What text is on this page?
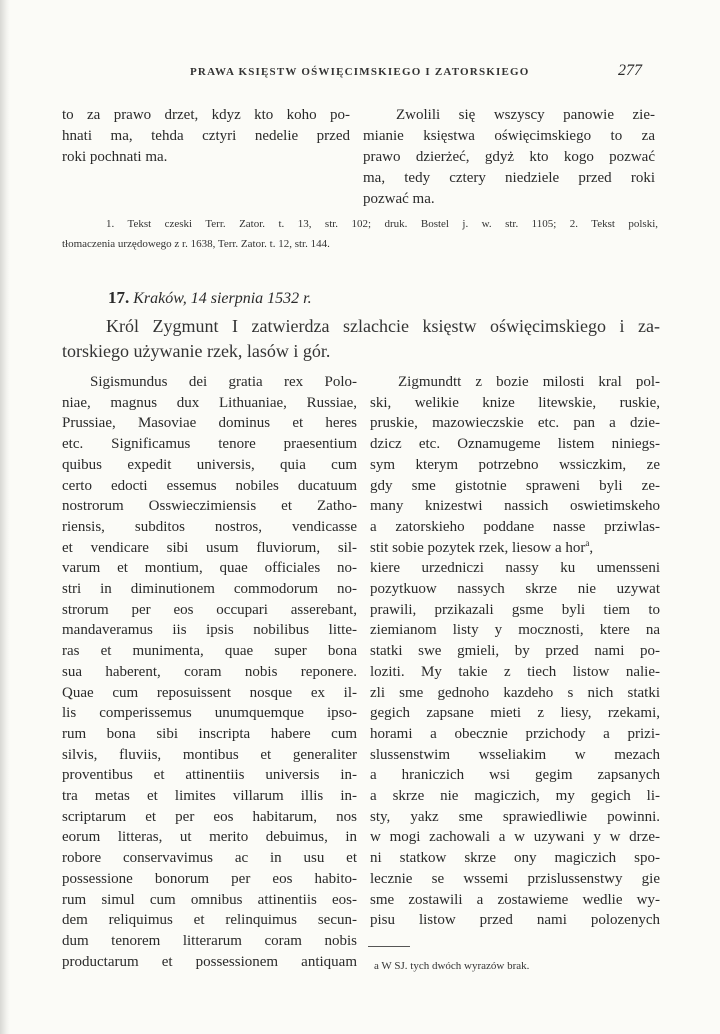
PRAWA KSIĘSTW OŚWIĘCIMSKIEGO I ZATORSKIEGO	277
to za prawo drzet, kdyz kto koho po-
hnati ma, tehda cztyri nedelie przed
roki pochnati ma.
Zwolili się wszyscy panowie zie-
mianie księstwa oświęcimskiego to za
prawo dzierżeć, gdyż kto kogo pozwać
ma, tedy cztery niedziele przed roki
pozwać ma.
1. Tekst czeski Terr. Zator. t. 13, str. 102; druk. Bostel j. w. str. 1105; 2. Tekst polski,
tłomaczenia urzędowego z r. 1638, Terr. Zator. t. 12, str. 144.
17. Kraków, 14 sierpnia 1532 r.
Król Zygmunt I zatwierdza szlachcie księstw oświęcimskiego i za-
torskiego używanie rzek, lasów i gór.
Sigismundus dei gratia rex Polo-
niae, magnus dux Lithuaniae, Russiae,
Prussiae, Masoviae dominus et heres
etc. Significamus tenore praesentium
quibus expedit universis, quia cum
certo edocti essemus nobiles ducatuum
nostrorum Osswieczimiensis et Zatho-
riensis, subditos nostros, vendicasse
et vendicare sibi usum fluviorum, sil-
varum et montium, quae officiales no-
stri in diminutionem commodorum no-
strorum per eos occupari asserebant,
mandaveramus iis ipsis nobilibus litte-
ras et munimenta, quae super bona
sua haberent, coram nobis reponere.
Quae cum reposuissent nosque ex il-
lis comperissemus unumquemque ipso-
rum bona sibi inscripta habere cum
silvis, fluviis, montibus et generaliter
proventibus et attinentiis universis in-
tra metas et limites villarum illis in-
scriptarum et per eos habitarum, nos
eorum litteras, ut merito debuimus, in
robore conservavimus ac in usu et
possessione bonorum per eos habito-
rum simul cum omnibus attinentiis eos-
dem reliquimus et relinquimus secun-
dum tenorem litterarum coram nobis
productarum et possessionem antiquam
Zigmundtt z bozie milosti kral pol-
ski, welikie knize litewskie, ruskie,
pruskie, mazowieczskie etc. pan a dzie-
dzicz etc. Oznamugeme listem niniegs-
sym kterym potrzebno wssiczkim, ze
gdy sme gistotnie spraweni byli ze-
many knizestwi nassich oswietimskeho
a zatorskieho poddane nasse prziwlas-
stit sobie pozytek rzek, liesow a hor$^a$,
kiere urzedniczi nassy ku umensseni
pozytkuow nassych skrze nie uzywat
prawili, przikazali gsme byli tiem to
ziemianom listy y mocznosti, ktere na
statki swe gmieli, by przed nami po-
loziti. My takie z tiech listow nalie-
zli sme gednoho kazdeho s nich statki
gegich zapsane mieti z liesy, rzekami,
horami a obecznie przichody a prizi-
slussenstwim wsseliakim w mezach
a hraniczich wsi gegim zapsanych
a skrze nie magiczich, my gegich li-
sty, yakz sme sprawiedliwie powinni.
w mogi zachowali a w uzywani y w drze-
ni statkow skrze ony magiczich spo-
lecznie se wssemi przislussenstwy gie
sme zostawili a zostawieme wedlie wy-
pisu listow przed nami polozenych
a W SJ. tych dwóch wyrazów brak.
